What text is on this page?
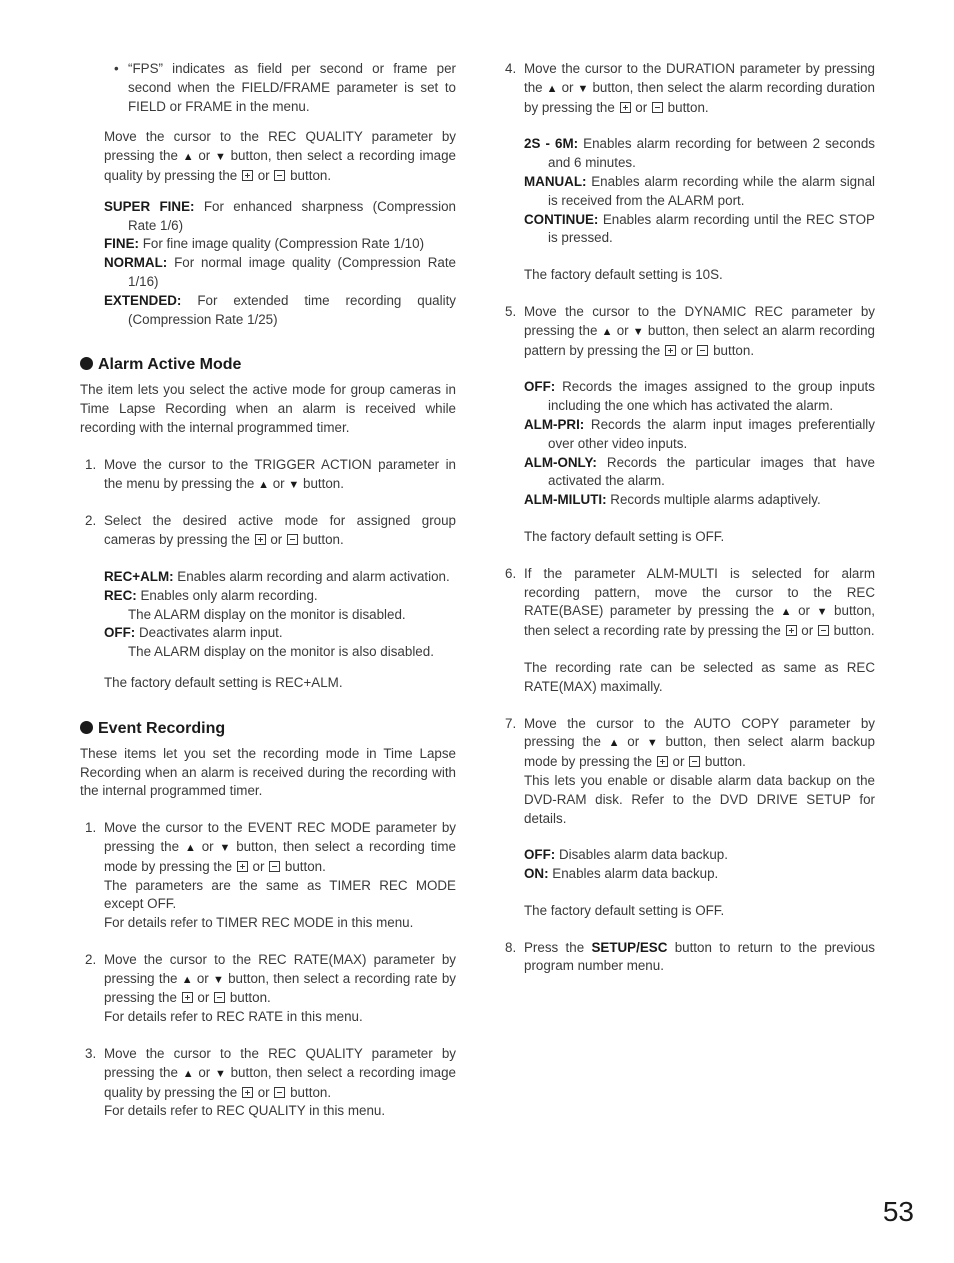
• “FPS” indicates as field per second or frame per second when the FIELD/FRAME parameter is set to FIELD or FRAME in the menu.

Move the cursor to the REC QUALITY parameter by pressing the ▲ or ▼ button, then select a recording image quality by pressing the or button.

SUPER FINE: For enhanced sharpness (Compression Rate 1/6)

FINE: For fine image quality (Compression Rate 1/10)

NORMAL: For normal image quality (Compression Rate 1/16)

EXTENDED: For extended time recording quality (Compression Rate 1/25)

Alarm Active Mode

The item lets you select the active mode for group cameras in Time Lapse Recording when an alarm is received while recording with the internal programmed timer.

1. Move the cursor to the TRIGGER ACTION parameter in the menu by pressing the ▲ or ▼ button.

2. Select the desired active mode for assigned group cameras by pressing the or button.

REC+ALM: Enables alarm recording and alarm activation.

REC: Enables only alarm recording.

The ALARM display on the monitor is disabled.

OFF: Deactivates alarm input.

The ALARM display on the monitor is also disabled.

The factory default setting is REC+ALM.

Event Recording

These items let you set the recording mode in Time Lapse Recording when an alarm is received during the recording with the internal programmed timer.

1. Move the cursor to the EVENT REC MODE parameter by pressing the ▲ or ▼ button, then select a recording time mode by pressing the or button.

The parameters are the same as TIMER REC MODE except OFF.

For details refer to TIMER REC MODE in this menu.

2. Move the cursor to the REC RATE(MAX) parameter by pressing the ▲ or ▼ button, then select a recording rate by pressing the or button.

For details refer to REC RATE in this menu.

3. Move the cursor to the REC QUALITY parameter by pressing the ▲ or ▼ button, then select a recording image quality by pressing the or button.

For details refer to REC QUALITY in this menu.

4. Move the cursor to the DURATION parameter by pressing the ▲ or ▼ button, then select the alarm recording duration by pressing the or button.

2S - 6M: Enables alarm recording for between 2 seconds and 6 minutes.

MANUAL: Enables alarm recording while the alarm signal is received from the ALARM port.

CONTINUE: Enables alarm recording until the REC STOP is pressed.

The factory default setting is 10S.

5. Move the cursor to the DYNAMIC REC parameter by pressing the ▲ or ▼ button, then select an alarm recording pattern by pressing the or button.

OFF: Records the images assigned to the group inputs including the one which has activated the alarm.

ALM-PRI: Records the alarm input images preferentially over other video inputs.

ALM-ONLY: Records the particular images that have activated the alarm.

ALM-MILUTI: Records multiple alarms adaptively.

The factory default setting is OFF.

6. If the parameter ALM-MULTI is selected for alarm recording pattern, move the cursor to the REC RATE(BASE) parameter by pressing the ▲ or ▼ button, then select a recording rate by pressing the or button.

The recording rate can be selected as same as REC RATE(MAX) maximally.

7. Move the cursor to the AUTO COPY parameter by pressing the ▲ or ▼ button, then select alarm backup mode by pressing the or button.

This lets you enable or disable alarm data backup on the DVD-RAM disk. Refer to the DVD DRIVE SETUP for details.

OFF: Disables alarm data backup.

ON: Enables alarm data backup.

The factory default setting is OFF.

8. Press the SETUP/ESC button to return to the previous program number menu.

53
